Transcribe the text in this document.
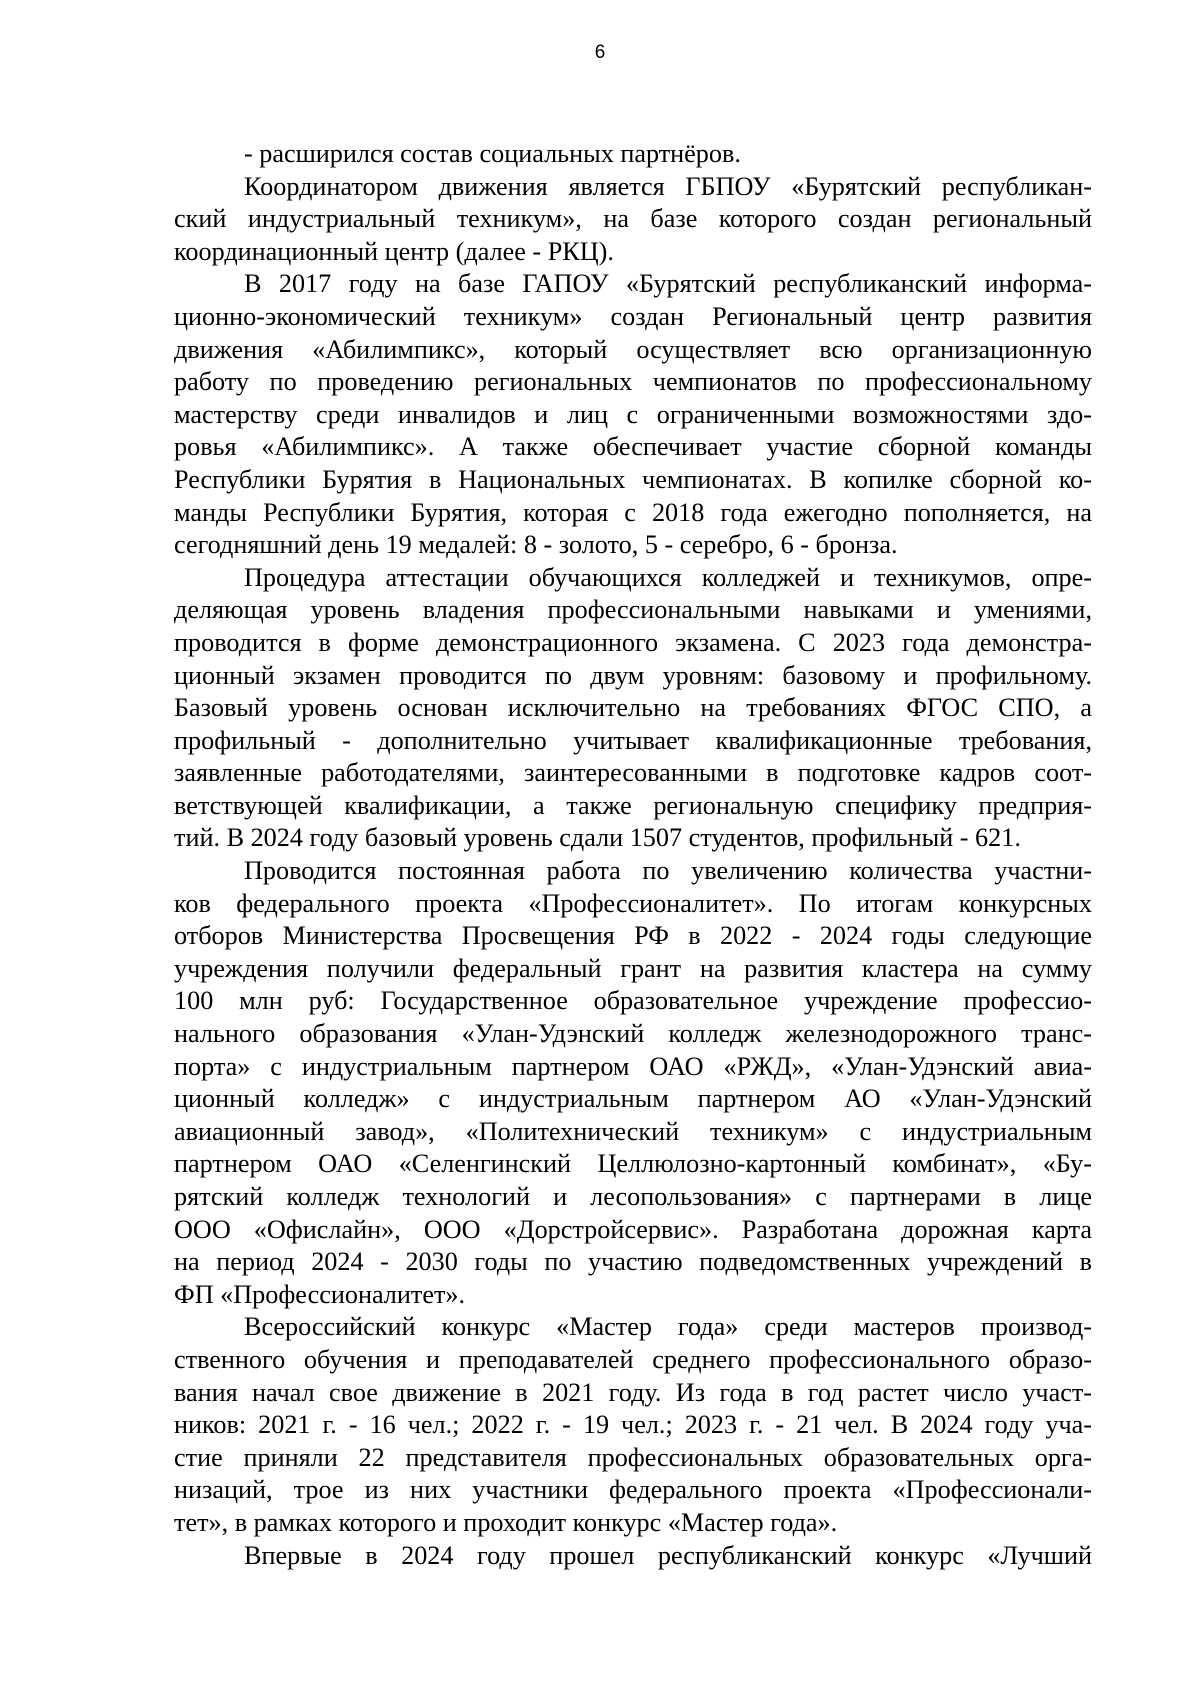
6

- расширился состав социальных партнёров.

Координатором движения является ГБПОУ «Бурятский республикан-
ский индустриальный техникум», на базе которого создан региональный
координационный центр (далее - РКЦ).

В 2017 году на базе ГАПОУ «Бурятский республиканский информа-
ционно-экономический техникум» создан Региональный центр развития
движения «Абилимпикс», который осуществляет всю организационную
работу по проведению региональных чемпионатов по профессиональному
мастерству среди инвалидов и лиц с ограниченными возможностями здо-
ровья «Абилимпикс». А также обеспечивает участие сборной команды
Республики Бурятия в Национальных чемпионатах. В копилке сборной ко-
манды Республики Бурятия, которая с 2018 года ежегодно пополняется, на
сегодняшний день 19 медалей: 8 - золото, 5 - серебро, 6 - бронза.

Процедура аттестации обучающихся колледжей и техникумов, опре-
деляющая уровень владения профессиональными навыками и умениями,
проводится в форме демонстрационного экзамена. С 2023 года демонстра-
ционный экзамен проводится по двум уровням: базовому и профильному.
Базовый уровень основан исключительно на требованиях ФГОС СПО, а
профильный - дополнительно учитывает квалификационные требования,
заявленные работодателями, заинтересованными в подготовке кадров соот-
ветствующей квалификации, а также региональную специфику предприя-
тий. В 2024 году базовый уровень сдали 1507 студентов, профильный - 621.

Проводится постоянная работа по увеличению количества участни-
ков федерального проекта «Профессионалитет». По итогам конкурсных
отборов Министерства Просвещения РФ в 2022 - 2024 годы следующие
учреждения получили федеральный грант на развития кластера на сумму
100 млн руб: Государственное образовательное учреждение профессио-
нального образования «Улан-Удэнский колледж железнодорожного транс-
порта» с индустриальным партнером ОАО «РЖД», «Улан-Удэнский авиа-
ционный колледж» с индустриальным партнером АО «Улан-Удэнский
авиационный завод», «Политехнический техникум» с индустриальным
партнером ОАО «Селенгинский Целлюлозно-картонный комбинат», «Бу-
рятский колледж технологий и лесопользования» с партнерами в лице
ООО «Офислайн», ООО «Дорстройсервис». Разработана дорожная карта
на период 2024 - 2030 годы по участию подведомственных учреждений в
ФП «Профессионалитет».

Всероссийский конкурс «Мастер года» среди мастеров производ-
ственного обучения и преподавателей среднего профессионального образо-
вания начал свое движение в 2021 году. Из года в год растет число участ-
ников: 2021 г. - 16 чел.; 2022 г. - 19 чел.; 2023 г. - 21 чел. В 2024 году уча-
стие приняли 22 представителя профессиональных образовательных орга-
низаций, трое из них участники федерального проекта «Профессионали-
тет», в рамках которого и проходит конкурс «Мастер года».

Впервые в 2024 году прошел республиканский конкурс «Лучший
